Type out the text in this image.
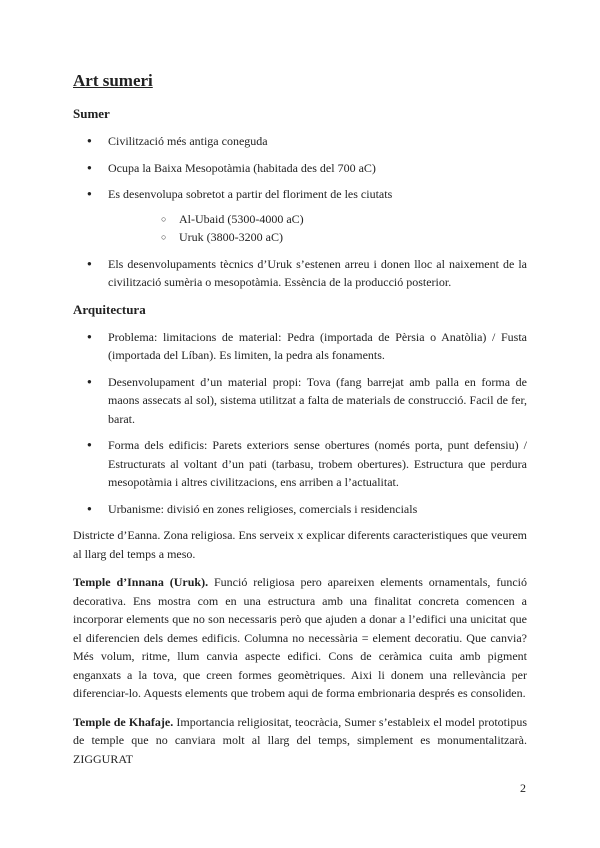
Art sumeri
Sumer
● Civilització més antiga coneguda
● Ocupa la Baixa Mesopotàmia (habitada des del 700 aC)
● Es desenvolupa sobretot a partir del floriment de les ciutats
○ Al-Ubaid (5300-4000 aC)
○ Uruk (3800-3200 aC)
● Els desenvolupaments tècnics d’Uruk s’estenen arreu i donen lloc al naixement de la civilització sumèria o mesopotàmia. Essència de la producció posterior.
Arquitectura
● Problema: limitacions de material: Pedra (importada de Pèrsia o Anatòlia) / Fusta (importada del Líban). Es limiten, la pedra als fonaments.
● Desenvolupament d’un material propi: Tova (fang barrejat amb palla en forma de maons assecats al sol), sistema utilitzat a falta de materials de construcció. Facil de fer, barat.
● Forma dels edificis: Parets exteriors sense obertures (només porta, punt defensiu) / Estructurats al voltant d’un pati (tarbasu, trobem obertures). Estructura que perdura mesopotàmia i altres civilitzacions, ens arriben a l’actualitat.
● Urbanisme: divisió en zones religioses, comercials i residencials

Districte d’Eanna. Zona religiosa. Ens serveix x explicar diferents caracteristiques que veurem al llarg del temps a meso.

Temple d’Innana (Uruk). Funció religiosa pero apareixen elements ornamentals, funció decorativa. Ens mostra com en una estructura amb una finalitat concreta comencen a incorporar elements que no son necessaris però que ajuden a donar a l’edifici una unicitat que el diferencien dels demes edificis. Columna no necessària = element decoratiu. Que canvia? Més volum, ritme, llum canvia aspecte edifici. Cons de ceràmica cuita amb pigment enganxats a la tova, que creen formes geomètriques. Aixi li donem una rellevància per diferenciar-lo. Aquests elements que trobem aqui de forma embrionaria després es consoliden.

Temple de Khafaje. Importancia religiositat, teocràcia, Sumer s’estableix el model prototipus de temple que no canviara molt al llarg del temps, simplement es monumentalitzarà. ZIGGURAT

2
